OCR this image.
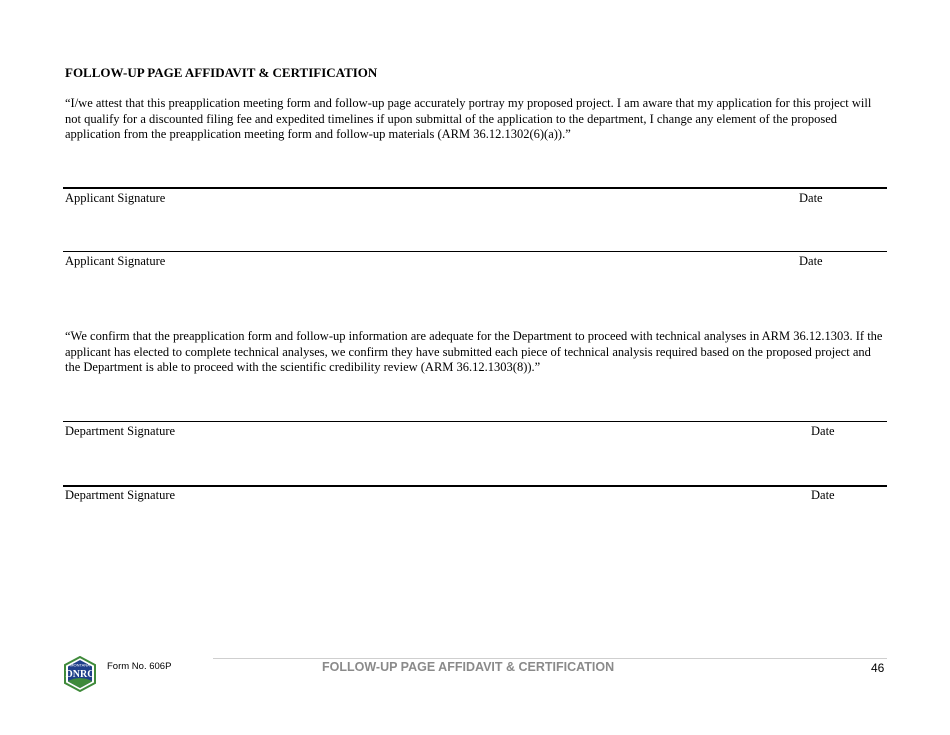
FOLLOW-UP PAGE AFFIDAVIT & CERTIFICATION
“I/we attest that this preapplication meeting form and follow-up page accurately portray my proposed project. I am aware that my application for this project will not qualify for a discounted filing fee and expedited timelines if upon submittal of the application to the department, I change any element of the proposed application from the preapplication meeting form and follow-up materials (ARM 36.12.1302(6)(a)).”
Applicant Signature	Date
Applicant Signature	Date
“We confirm that the preapplication form and follow-up information are adequate for the Department to proceed with technical analyses in ARM 36.12.1303. If the applicant has elected to complete technical analyses, we confirm they have submitted each piece of technical analysis required based on the proposed project and the Department is able to proceed with the scientific credibility review (ARM 36.12.1303(8)).”
Department Signature	Date
Department Signature	Date
MONTANA
DNRC
Form No. 606P	FOLLOW-UP PAGE AFFIDAVIT & CERTIFICATION	46
